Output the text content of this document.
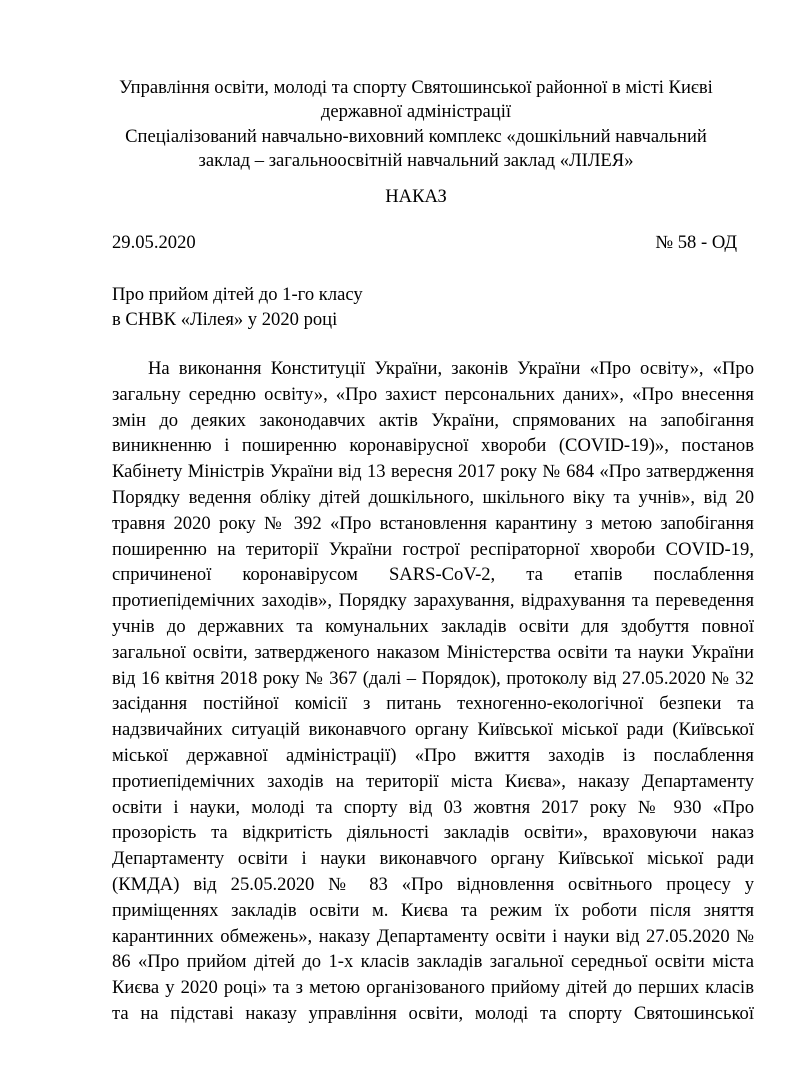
Управління освіти, молоді та спорту Святошинської районної в місті Києві
державної адміністрації
Спеціалізований навчально-виховний комплекс «дошкільний навчальний
заклад – загальноосвітній навчальний заклад «ЛІЛЕЯ»
НАКАЗ
29.05.2020	№ 58 - ОД
Про прийом дітей до 1-го класу
в СНВК «Лілея» у 2020 році
На виконання Конституції України, законів України «Про освіту», «Про
загальну середню освіту», «Про захист персональних даних», «Про внесення
змін до деяких законодавчих актів України, спрямованих на запобігання
виникненню і поширенню коронавірусної хвороби (COVID-19)», постанов
Кабінету Міністрів України від 13 вересня 2017 року № 684 «Про затвердження
Порядку ведення обліку дітей дошкільного, шкільного віку та учнів», від 20
травня 2020 року № 392 «Про встановлення карантину з метою запобігання
поширенню на території України гострої респіраторної хвороби COVID-19,
спричиненої коронавірусом SARS-CoV-2, та етапів послаблення
протиепідемічних заходів», Порядку зарахування, відрахування та переведення
учнів до державних та комунальних закладів освіти для здобуття повної
загальної освіти, затвердженого наказом Міністерства освіти та науки України
від 16 квітня 2018 року № 367 (далі – Порядок), протоколу від 27.05.2020 № 32
засідання постійної комісії з питань техногенно-екологічної безпеки та
надзвичайних ситуацій виконавчого органу Київської міської ради (Київської
міської державної адміністрації) «Про вжиття заходів із послаблення
протиепідемічних заходів на території міста Києва», наказу Департаменту
освіти і науки, молоді та спорту від 03 жовтня 2017 року № 930 «Про
прозорість та відкритість діяльності закладів освіти», враховуючи наказ
Департаменту освіти і науки виконавчого органу Київської міської ради
(КМДА) від 25.05.2020 № 83 «Про відновлення освітнього процесу у
приміщеннях закладів освіти м. Києва та режим їх роботи після зняття
карантинних обмежень», наказу Департаменту освіти і науки від 27.05.2020 №
86 «Про прийом дітей до 1-х класів закладів загальної середньої освіти міста
Києва у 2020 році» та з метою організованого прийому дітей до перших класів
та на підставі наказу управління освіти, молоді та спорту Святошинської
